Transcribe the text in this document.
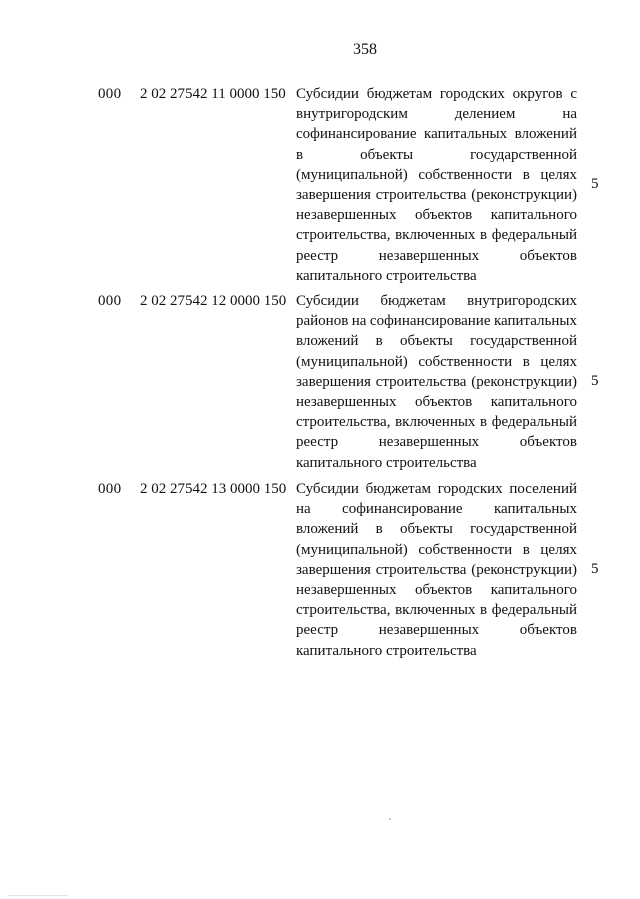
358
000 2 02 27542 11 0000 150 Субсидии бюджетам городских округов с
внутригородским	делением	на
софинансирование капитальных вложений
в	объекты	государственной
(муниципальной) собственности в целях
завершения строительства (реконструкции)
незавершенных объектов капитального
строительства, включенных в федеральный
реестр	незавершенных	объектов
капитального строительства
5
000 2 02 27542 12 0000 150 Субсидии бюджетам внутригородских
районов на софинансирование капитальных
вложений в объекты государственной
(муниципальной) собственности в целях
завершения строительства (реконструкции)
незавершенных объектов капитального
строительства, включенных в федеральный
реестр	незавершенных	объектов
капитального строительства
5
000 2 02 27542 13 0000 150 Субсидии бюджетам городских поселений
на софинансирование капитальных
вложений в объекты государственной
(муниципальной) собственности в целях
завершения строительства (реконструкции)
незавершенных объектов капитального
строительства, включенных в федеральный
реестр	незавершенных	объектов
капитального строительства
5
